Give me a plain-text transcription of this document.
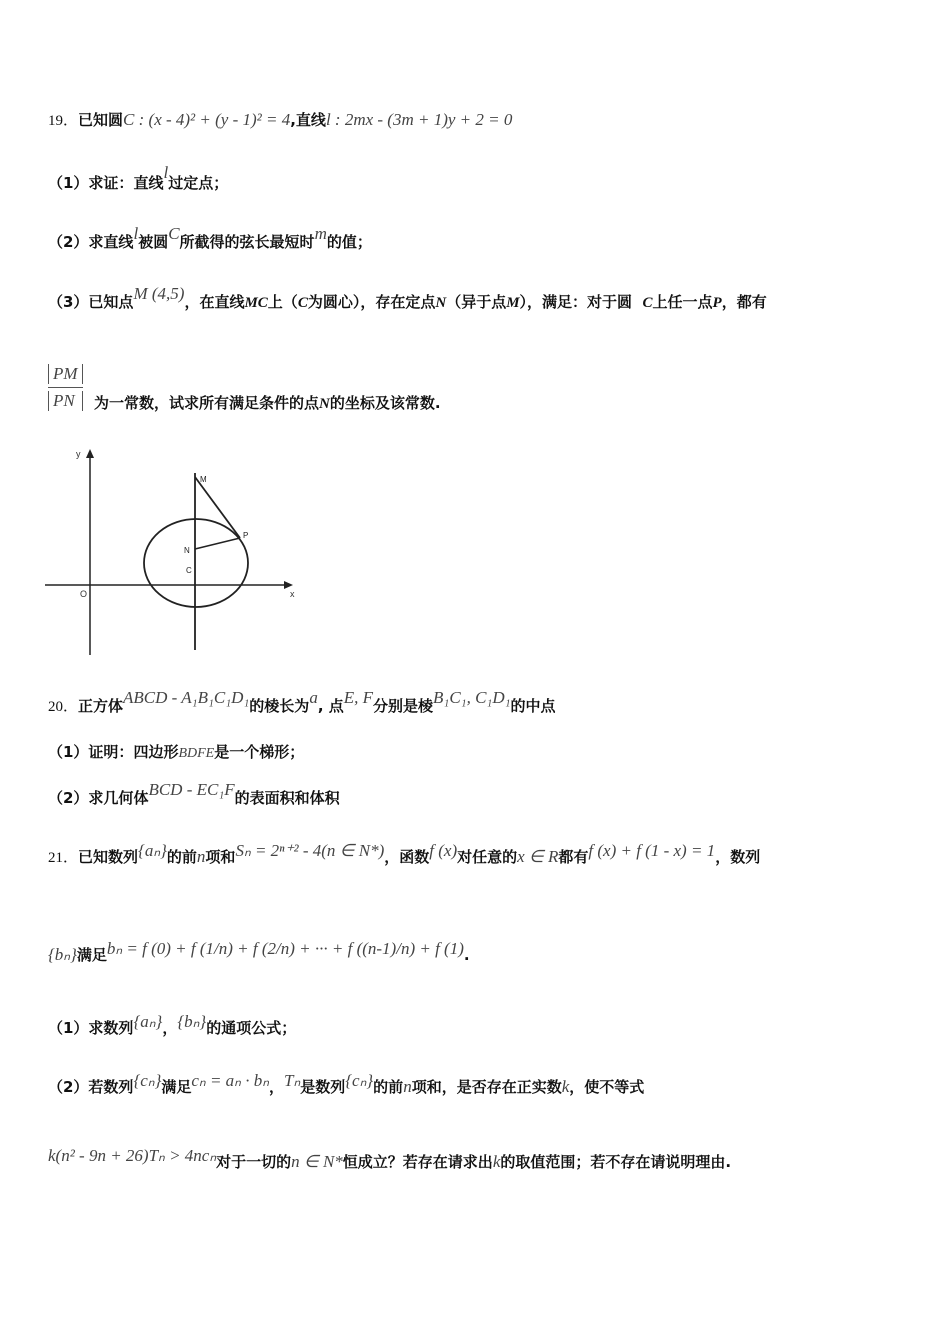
19．已知圆C : (x - 4)² + (y - 1)² = 4,直线l : 2mx - (3m + 1)y + 2 = 0
（1）求证：直线l过定点；
（2）求直线l被圆C所截得的弦长最短时m的值；
（3）已知点M (4,5)，在直线MC上（C为圆心），存在定点N（异于点M），满足：对于圆 C上任一点P，都有
PM
PN	为一常数，试求所有满足条件的点N的坐标及该常数.
y
x
O
M
P
N
C
20．正方体ABCD - A₁B₁C₁D₁的棱长为a, 点E, F分别是棱B₁C₁, C₁D₁的中点
（1）证明：四边形BDFE是一个梯形；
（2）求几何体BCD - EC₁F的表面积和体积
21．已知数列{aₙ}的前n项和Sₙ = 2ⁿ⁺² - 4(n ∈ N*)，函数f (x)对任意的x ∈ R都有f (x) + f (1 - x) = 1，数列
{bₙ}满足bₙ = f (0) + f (1/n) + f (2/n) + ··· + f ((n-1)/n) + f (1).
（1）求数列{aₙ}，{bₙ}的通项公式；
（2）若数列{cₙ}满足cₙ = aₙ · bₙ，Tₙ是数列{cₙ}的前n项和，是否存在正实数k，使不等式
k(n² - 9n + 26)Tₙ > 4ncₙ对于一切的n ∈ N*恒成立？若存在请求出k的取值范围；若不存在请说明理由.
